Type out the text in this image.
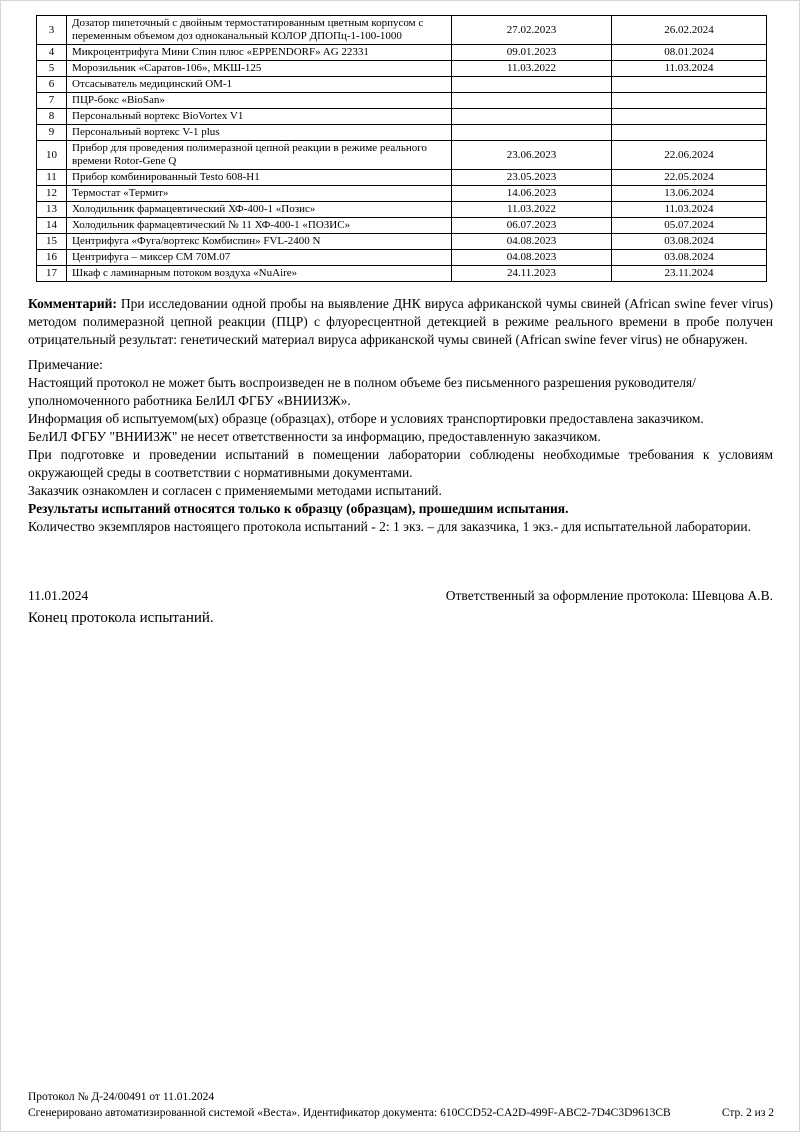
3	Дозатор пипеточный с двойным термостатированным цветным корпусом с переменным объемом доз одноканальный КОЛОР ДПОПц-1-100-1000	27.02.2023	26.02.2024
4	Микроцентрифуга Мини Спин плюс «EPPENDORF» AG 22331	09.01.2023	08.01.2024
5	Морозильник «Саратов-106», МКШ-125	11.03.2022	11.03.2024
6	Отсасыватель медицинский ОМ-1		
7	ПЦР-бокс «BioSan»		
8	Персональный вортекс BioVortex V1		
9	Персональный вортекс V-1 plus		
10	Прибор для проведения полимеразной цепной реакции в режиме реального времени Rotor-Gene Q	23.06.2023	22.06.2024
11	Прибор комбинированный Testo 608-Н1	23.05.2023	22.05.2024
12	Термостат «Термит»	14.06.2023	13.06.2024
13	Холодильник фармацевтический ХФ-400-1 «Позис»	11.03.2022	11.03.2024
14	Холодильник фармацевтический № 11 ХФ-400-1 «ПОЗИС»	06.07.2023	05.07.2024
15	Центрифуга «Фуга/вортекс Комбиспин» FVL-2400 N	04.08.2023	03.08.2024
16	Центрифуга – миксер СМ 70М.07	04.08.2023	03.08.2024
17	Шкаф с ламинарным потоком воздуха «NuAire»	24.11.2023	23.11.2024

Комментарий: При исследовании одной пробы на выявление ДНК вируса африканской чумы свиней (African swine fever virus) методом полимеразной цепной реакции (ПЦР) с флуоресцентной детекцией в режиме реального времени в пробе получен отрицательный результат: генетический материал вируса африканской чумы свиней (African swine fever virus) не обнаружен.

Примечание:
Настоящий протокол не может быть воспроизведен не в полном объеме без письменного разрешения руководителя/уполномоченного работника БелИЛ ФГБУ «ВНИИЗЖ».
Информация об испытуемом(ых) образце (образцах), отборе и условиях транспортировки предоставлена заказчиком.
БелИЛ ФГБУ "ВНИИЗЖ" не несет ответственности за информацию, предоставленную заказчиком.
При подготовке и проведении испытаний в помещении лаборатории соблюдены необходимые требования к условиям окружающей среды в соответствии с нормативными документами.
Заказчик ознакомлен и согласен с применяемыми методами испытаний.
Результаты испытаний относятся только к образцу (образцам), прошедшим испытания.
Количество экземпляров настоящего протокола испытаний - 2: 1 экз. – для заказчика, 1 экз.- для испытательной лаборатории.
11.01.2024	Ответственный за оформление протокола: Шевцова А.В.
Конец протокола испытаний.
Протокол № Д-24/00491 от 11.01.2024
Сгенерировано автоматизированной системой «Веста». Идентификатор документа: 610CCD52-CA2D-499F-ABC2-7D4C3D9613CB	Стр. 2 из 2
